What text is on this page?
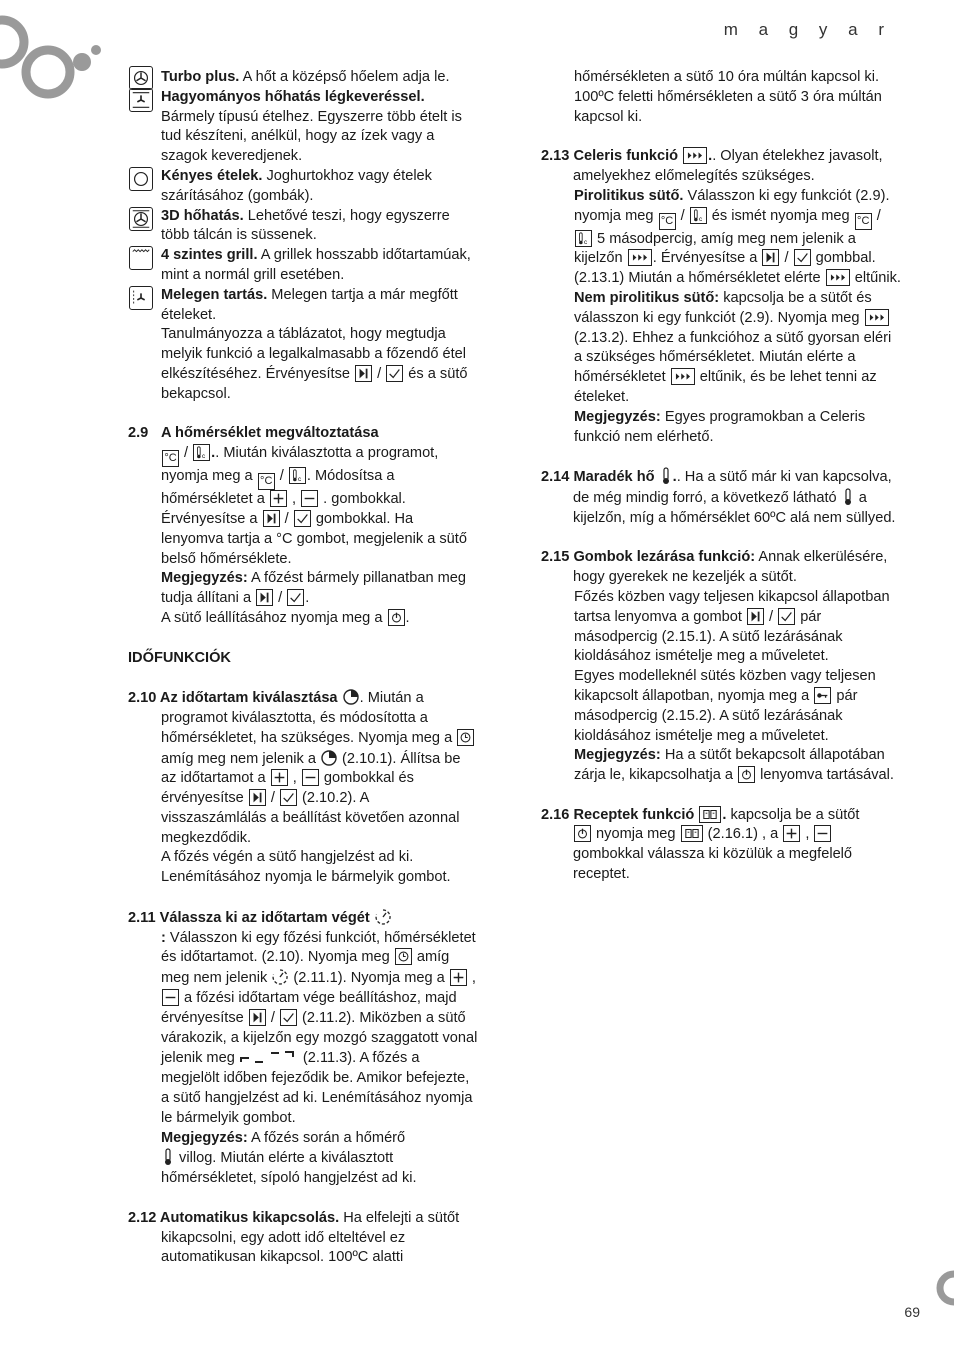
m a g y a r
69
Turbo plus. A hőt a középső hőelem adja le.
Hagyományos hőhatás légkeveréssel.
Bármely típusú ételhez. Egyszerre több ételt is tud készíteni, anélkül, hogy az ízek vagy a szagok keveredjenek.
Kényes ételek. Joghurtokhoz vagy ételek szárításához (gombák).
3D hőhatás. Lehetővé teszi, hogy egyszerre több tálcán is süssenek.
4 szintes grill. A grillek hosszabb időtartamúak, mint a normál grill esetében.
Melegen tartás. Melegen tartja a már megfőtt ételeket.
Tanulmányozza a táblázatot, hogy megtudja melyik funkció a legalkalmasabb a főzendő étel elkészítéséhez. Érvényesítse
/
és a sütő bekapcsol.
2.9 A hőmérséklet megváltoztatása
°C / c .. Miután kiválasztotta a programot, nyomja meg a °C / c . Módosítsa a hőmérsékletet a
,
. gombokkal. Érvényesítse a
/
gombokkal. Ha lenyomva tartja a °C gombot, megjelenik a sütő belső hőmérséklete.
Megjegyzés: A főzést bármely pillanatban meg tudja állítani a
/
.
A sütő leállításához nyomja meg a
.
IDŐFUNKCIÓK
2.10 Az időtartam kiválasztása . Miután a programot kiválasztotta, és módosította a hőmérsékletet, ha szükséges. Nyomja meg a
amíg meg nem jelenik a  (2.10.1). Állítsa be az időtartamot a
,
gombokkal és érvényesítse
/
(2.10.2). A visszaszámlálás a beállítást követően azonnal megkezdődik.
A főzés végén a sütő hangjelzést ad ki. Lenémításához nyomja le bármelyik gombot.
2.11 Válassza ki az időtartam végét
: Válasszon ki egy főzési funkciót, hőmérsékletet és időtartamot. (2.10). Nyomja meg
amíg meg nem jelenik  (2.11.1). Nyomja meg a
,
a főzési időtartam vége beállításhoz, majd érvényesítse
/
(2.11.2). Miközben a sütő várakozik, a kijelzőn egy mozgó szaggatott vonal jelenik meg	(2.11.3). A főzés a megjelölt időben fejeződik be. Amikor befejezte, a sütő hangjelzést ad ki. Lenémításához nyomja le bármelyik gombot.
Megjegyzés: A főzés során a hőmérő
villog. Miután elérte a kiválasztott hőmérsékletet, sípoló hangjelzést ad ki.
2.12 Automatikus kikapcsolás. Ha elfelejti a sütőt kikapcsolni, egy adott idő elteltével ez automatikusan kikapcsol. 100ºC alatti
hőmérsékleten a sütő 10 óra múltán kapcsol ki. 100ºC feletti hőmérsékleten a sütő 3 óra múltán kapcsol ki.
2.13 Celeris funkció
.. Olyan ételekhez javasolt, amelyekhez előmelegítés szükséges.
Pirolitikus sütő. Válasszon ki egy funkciót (2.9). nyomja meg °C / c és ismét nyomja meg °C /
c 5 másodpercig, amíg meg nem jelenik a kijelzőn
. Érvényesítse a
/
gombbal. (2.13.1) Miután a hőmérsékletet elérte
eltűnik.
Nem pirolitikus sütő: kapcsolja be a sütőt és válasszon ki egy funkciót (2.9). Nyomja meg
(2.13.2). Ehhez a funkcióhoz a sütő gyorsan eléri a szükséges hőmérsékletet. Miután elérte a hőmérsékletet
eltűnik, és be lehet tenni az ételeket.
Megjegyzés: Egyes programokban a Celeris funkció nem elérhető.
2.14 Maradék hő .. Ha a sütő már ki van kapcsolva, de még mindig forró, a következő látható  a kijelzőn, míg a hőmérséklet 60ºC alá nem süllyed.
2.15 Gombok lezárása funkció: Annak elkerülésére, hogy gyerekek ne kezeljék a sütőt.
Főzés közben vagy teljesen kikapcsol állapotban tartsa lenyomva a gombot
/
pár másodpercig (2.15.1). A sütő lezárásának kioldásához ismételje meg a műveletet.
Egyes modelleknél sütés közben vagy teljesen kikapcsolt állapotban, nyomja meg a
pár másodpercig (2.15.2). A sütő lezárásának kioldásához ismételje meg a műveletet.
Megjegyzés: Ha a sütőt bekapcsolt állapotában zárja le, kikapcsolhatja a
lenyomva tartásával.
2.16 Receptek funkció
. kapcsolja be a sütőt

nyomja meg
(2.16.1) , a
,
gombokkal válassza ki közülük a megfelelő receptet.
